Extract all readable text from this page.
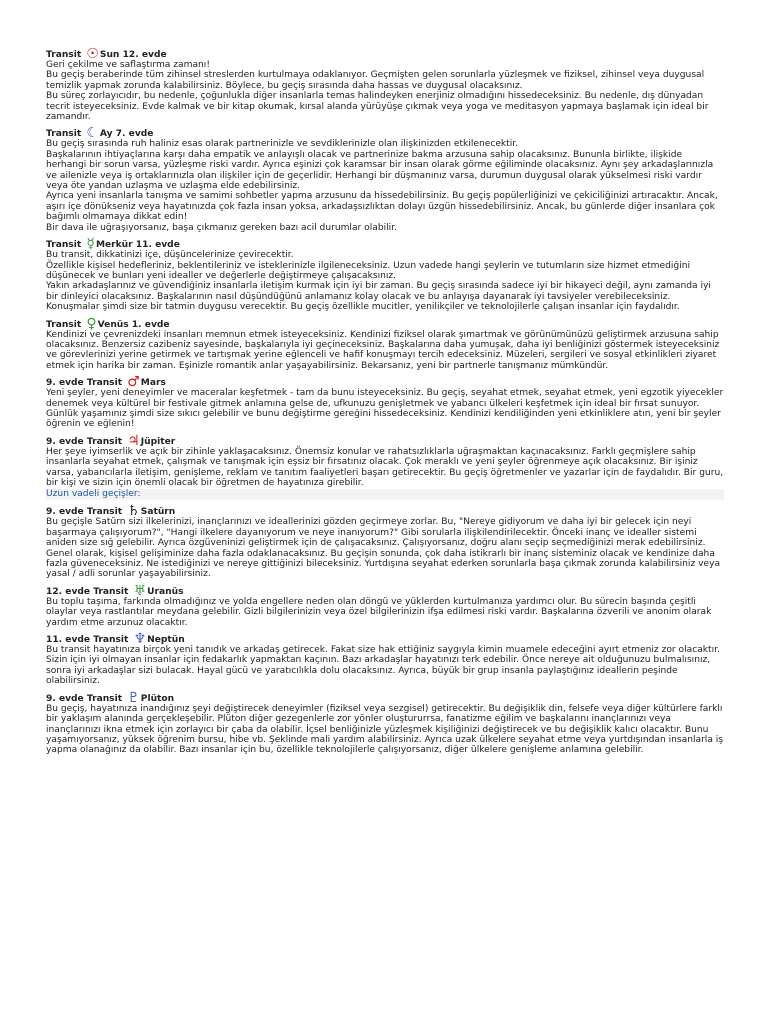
Transit ☉Sun 12. evde

Geri çekilme ve saflaştırma zamanı!

Bu geçiş beraberinde tüm zihinsel streslerden kurtulmaya odaklanıyor. Geçmişten gelen sorunlarla yüzleşmek ve fiziksel, zihinsel veya duygusal temizlik yapmak zorunda kalabilirsiniz. Böylece, bu geçiş sırasında daha hassas ve duygusal olacaksınız.

Bu süreç zorlayıcıdır, bu nedenle, çoğunlukla diğer insanlarla temas halindeyken enerjiniz olmadığını hissedeceksiniz. Bu nedenle, dış dünyadan tecrit isteyeceksiniz. Evde kalmak ve bir kitap okumak, kırsal alanda yürüyüşe çıkmak veya yoga ve meditasyon yapmaya başlamak için ideal bir zamandır.

Transit ☾Ay 7. evde

Bu geçiş sırasında ruh haliniz esas olarak partnerinizle ve sevdiklerinizle olan ilişkinizden etkilenecektir.

Başkalarının ihtiyaçlarına karşı daha empatik ve anlayışlı olacak ve partnerinize bakma arzusuna sahip olacaksınız. Bununla birlikte, ilişkide herhangi bir sorun varsa, yüzleşme riski vardır. Ayrıca eşinizi çok karamsar bir insan olarak görme eğiliminde olacaksınız. Aynı şey arkadaşlarınızla ve ailenizle veya iş ortaklarınızla olan ilişkiler için de geçerlidir. Herhangi bir düşmanınız varsa, durumun duygusal olarak yükselmesi riski vardır veya öte yandan uzlaşma ve uzlaşma elde edebilirsiniz.

Ayrıca yeni insanlarla tanışma ve samimi sohbetler yapma arzusunu da hissedebilirsiniz. Bu geçiş popülerliğinizi ve çekiciliğinizi artıracaktır. Ancak, aşırı içe dönükseniz veya hayatınızda çok fazla insan yoksa, arkadaşsızlıktan dolayı üzgün hissedebilirsiniz. Ancak, bu günlerde diğer insanlara çok bağımlı olmamaya dikkat edin!

Bir dava ile uğraşıyorsanız, başa çıkmanız gereken bazı acil durumlar olabilir.

Transit ☿Merkür 11. evde

Bu transit, dikkatinizi içe, düşüncelerinize çevirecektir.

Özellikle kişisel hedefleriniz, beklentileriniz ve isteklerinizle ilgileneceksiniz. Uzun vadede hangi şeylerin ve tutumların size hizmet etmediğini düşünecek ve bunları yeni idealler ve değerlerle değiştirmeye çalışacaksınız.

Yakın arkadaşlarınız ve güvendiğiniz insanlarla iletişim kurmak için iyi bir zaman. Bu geçiş sırasında sadece iyi bir hikayeci değil, aynı zamanda iyi bir dinleyici olacaksınız. Başkalarının nasıl düşündüğünü anlamanız kolay olacak ve bu anlayışa dayanarak iyi tavsiyeler verebileceksiniz. Konuşmalar şimdi size bir tatmin duygusu verecektir. Bu geçiş özellikle mucitler, yenilikçiler ve teknolojilerle çalışan insanlar için faydalıdır.

Transit ♀Venüs 1. evde

Kendinizi ve çevrenizdeki insanları memnun etmek isteyeceksiniz. Kendinizi fiziksel olarak şımartmak ve görünümünüzü geliştirmek arzusuna sahip olacaksınız. Benzersiz cazibeniz sayesinde, başkalarıyla iyi geçineceksiniz. Başkalarına daha yumuşak, daha iyi benliğinizi göstermek isteyeceksiniz ve görevlerinizi yerine getirmek ve tartışmak yerine eğlenceli ve hafif konuşmayı tercih edeceksiniz. Müzeleri, sergileri ve sosyal etkinlikleri ziyaret etmek için harika bir zaman. Eşinizle romantik anlar yaşayabilirsiniz. Bekarsanız, yeni bir partnerle tanışmanız mümkündür.

9. evde Transit ♂Mars

Yeni şeyler, yeni deneyimler ve maceralar keşfetmek - tam da bunu isteyeceksiniz. Bu geçiş, seyahat etmek, seyahat etmek, yeni egzotik yiyecekler denemek veya kültürel bir festivale gitmek anlamına gelse de, ufkunuzu genişletmek ve yabancı ülkeleri keşfetmek için ideal bir fırsat sunuyor. Günlük yaşamınız şimdi size sıkıcı gelebilir ve bunu değiştirme gereğini hissedeceksiniz. Kendinizi kendiliğinden yeni etkinliklere atın, yeni bir şeyler öğrenin ve eğlenin!

9. evde Transit ♃Jüpiter

Her şeye iyimserlik ve açık bir zihinle yaklaşacaksınız. Önemsiz konular ve rahatsızlıklarla uğraşmaktan kaçınacaksınız. Farklı geçmişlere sahip insanlarla seyahat etmek, çalışmak ve tanışmak için eşsiz bir fırsatınız olacak. Çok meraklı ve yeni şeyler öğrenmeye açık olacaksınız. Bir işiniz varsa, yabancılarla iletişim, genişleme, reklam ve tanıtım faaliyetleri başarı getirecektir. Bu geçiş öğretmenler ve yazarlar için de faydalıdır. Bir guru, bir kişi ve sizin için önemli olacak bir öğretmen de hayatınıza girebilir.

Uzun vadeli geçişler:
9. evde Transit ♄Satürn

Bu geçişle Satürn sizi ilkelerinizi, inançlarınızı ve ideallerinizi gözden geçirmeye zorlar. Bu, "Nereye gidiyorum ve daha iyi bir gelecek için neyi başarmaya çalışıyorum?", "Hangi ilkelere dayanıyorum ve neye inanıyorum?" Gibi sorularla ilişkilendirilecektir. Önceki inanç ve idealler sistemi aniden size sığ gelebilir. Ayrıca özgüveninizi geliştirmek için de çalışacaksınız. Çalışıyorsanız, doğru alanı seçip seçmediğinizi merak edebilirsiniz. Genel olarak, kişisel gelişiminize daha fazla odaklanacaksınız. Bu geçişin sonunda, çok daha istikrarlı bir inanç sisteminiz olacak ve kendinize daha fazla güveneceksiniz. Ne istediğinizi ve nereye gittiğinizi bileceksiniz. Yurtdışına seyahat ederken sorunlarla başa çıkmak zorunda kalabilirsiniz veya yasal / adli sorunlar yaşayabilirsiniz.

12. evde Transit ♅Uranüs

Bu toplu taşıma, farkında olmadığınız ve yolda engellere neden olan döngü ve yüklerden kurtulmanıza yardımcı olur. Bu sürecin başında çeşitli olaylar veya rastlantılar meydana gelebilir. Gizli bilgilerinizin veya özel bilgilerinizin ifşa edilmesi riski vardır. Başkalarına özverili ve anonim olarak yardım etme arzunuz olacaktır.

11. evde Transit ♆Neptün

Bu transit hayatınıza birçok yeni tanıdık ve arkadaş getirecek. Fakat size hak ettiğiniz saygıyla kimin muamele edeceğini ayırt etmeniz zor olacaktır. Sizin için iyi olmayan insanlar için fedakarlık yapmaktan kaçının. Bazı arkadaşlar hayatınızı terk edebilir. Önce nereye ait olduğunuzu bulmalısınız, sonra iyi arkadaşlar sizi bulacak. Hayal gücü ve yaratıcılıkla dolu olacaksınız. Ayrıca, büyük bir grup insanla paylaştığınız ideallerin peşinde olabilirsiniz.

9. evde Transit ♇Plüton

Bu geçiş, hayatınıza inandığınız şeyi değiştirecek deneyimler (fiziksel veya sezgisel) getirecektir. Bu değişiklik din, felsefe veya diğer kültürlere farklı bir yaklaşım alanında gerçekleşebilir. Plüton diğer gezegenlerle zor yönler oluştururrsa, fanatizme eğilim ve başkalarını inançlarınızı veya inançlarınızı ikna etmek için zorlayıcı bir çaba da olabilir. İçsel benliğinizle yüzleşmek kişiliğinizi değiştirecek ve bu değişiklik kalıcı olacaktır. Bunu yaşamıyorsanız, yüksek öğrenim bursu, hibe vb. Şeklinde mali yardım alabilirsiniz. Ayrıca uzak ülkelere seyahat etme veya yurtdışından insanlarla iş yapma olanağınız da olabilir. Bazı insanlar için bu, özellikle teknolojilerle çalışıyorsanız, diğer ülkelere genişleme anlamına gelebilir.
